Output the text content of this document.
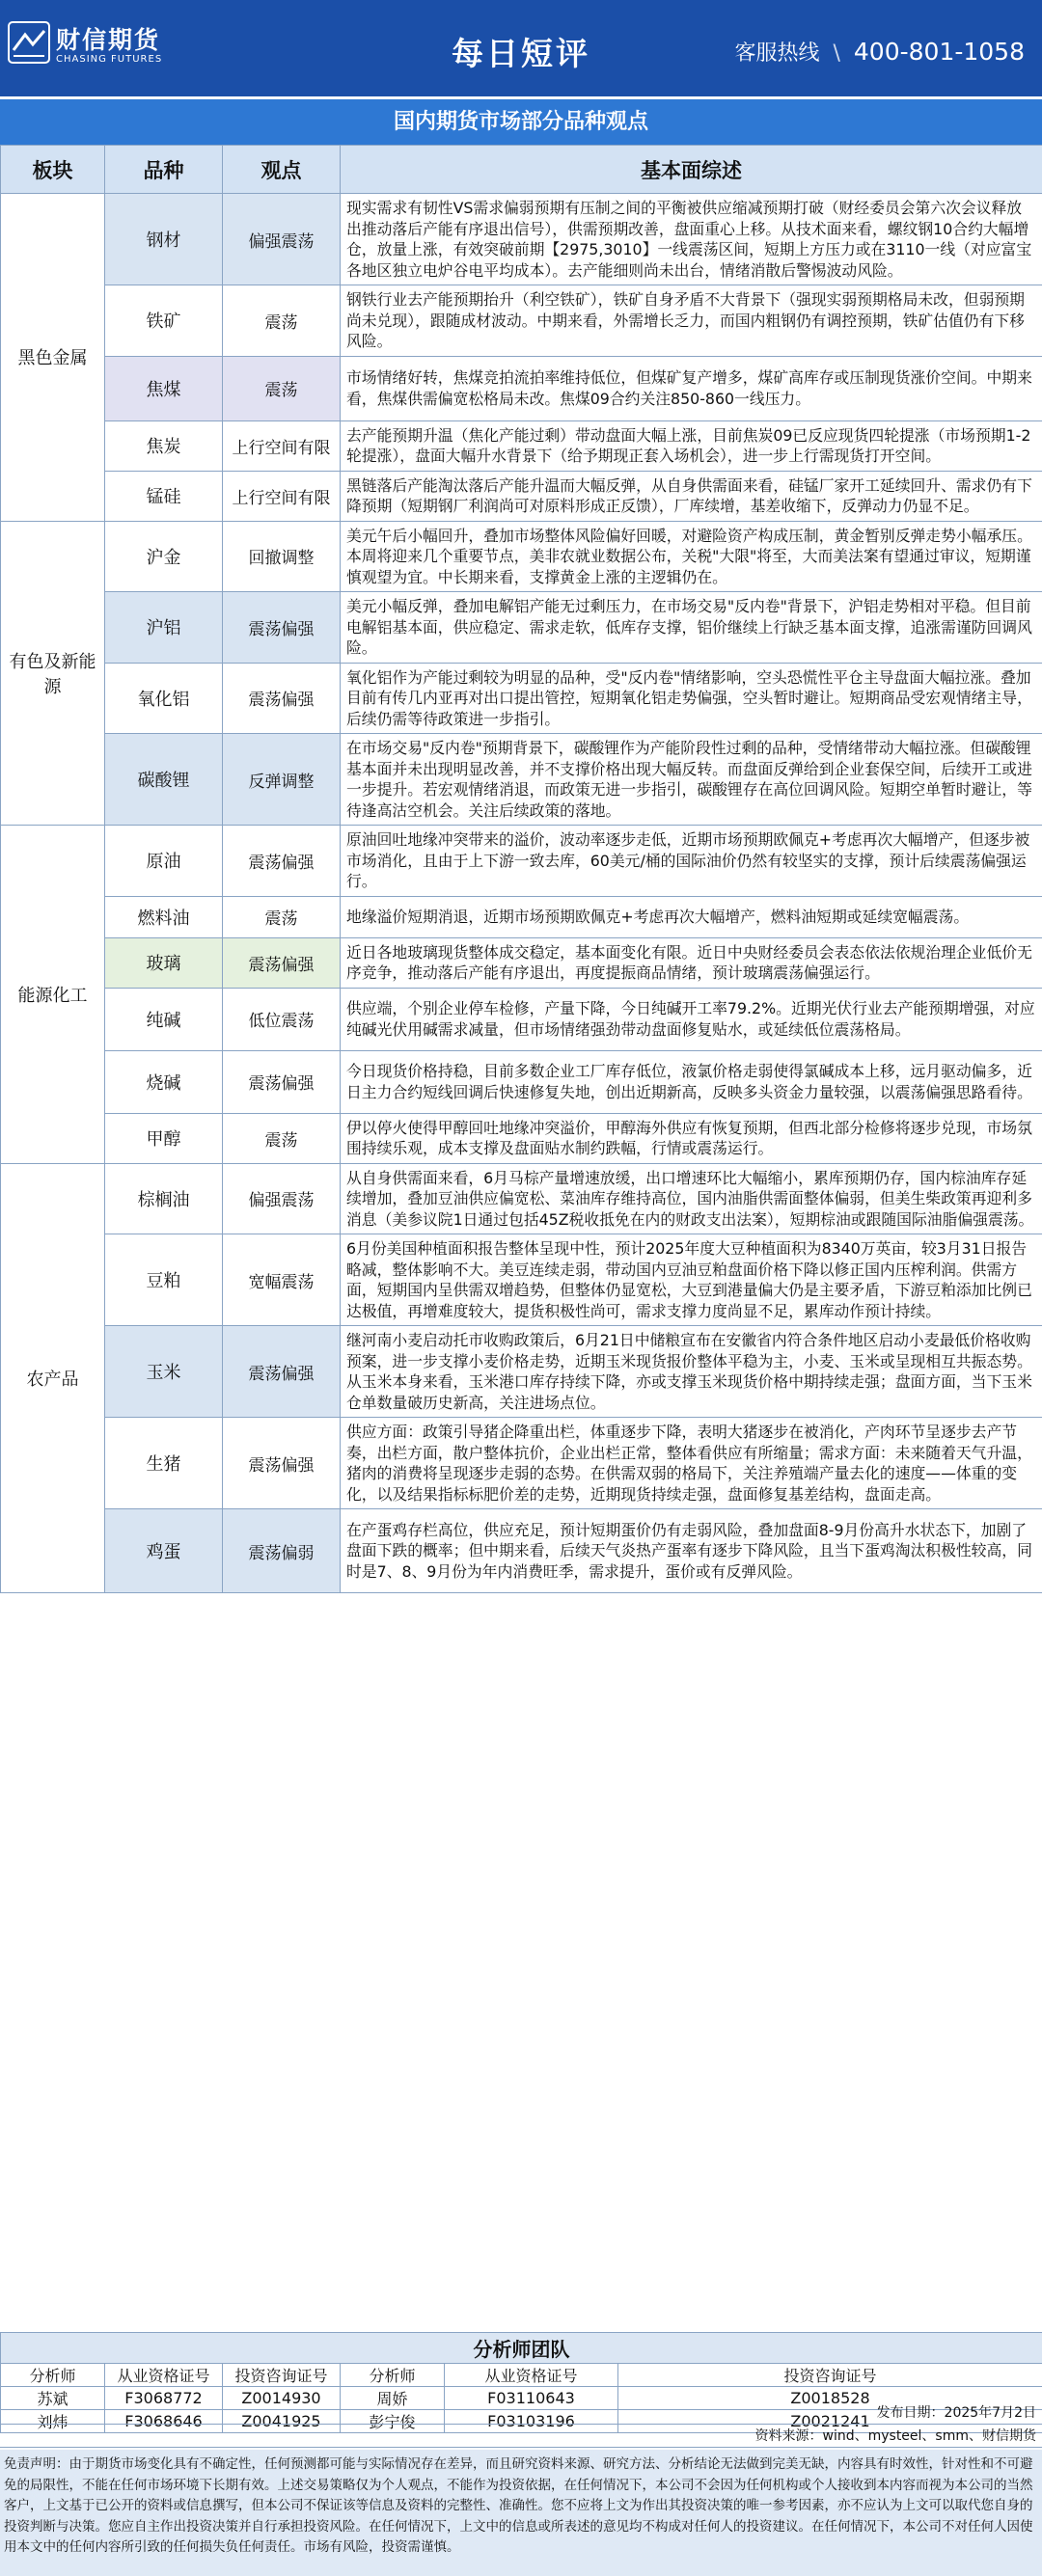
财信期货
CHASING FUTURES	每日短评	客服热线 \ 400-801-1058
国内期货市场部分品种观点
板块	品种	观点	基本面综述
黑色金属	钢材	偏强震荡	现实需求有韧性VS需求偏弱预期有压制之间的平衡被供应缩减预期打破（财经委员会第六次会议释放出推动落后产能有序退出信号），供需预期改善，盘面重心上移。从技术面来看，螺纹钢10合约大幅增仓，放量上涨，有效突破前期【2975,3010】一线震荡区间，短期上方压力或在3110一线（对应富宝各地区独立电炉谷电平均成本）。去产能细则尚未出台，情绪消散后警惕波动风险。
	铁矿	震荡	钢铁行业去产能预期抬升（利空铁矿），铁矿自身矛盾不大背景下（强现实弱预期格局未改，但弱预期尚未兑现），跟随成材波动。中期来看，外需增长乏力，而国内粗钢仍有调控预期，铁矿估值仍有下移风险。
	焦煤	震荡	市场情绪好转，焦煤竞拍流拍率维持低位，但煤矿复产增多，煤矿高库存或压制现货涨价空间。中期来看，焦煤供需偏宽松格局未改。焦煤09合约关注850-860一线压力。
	焦炭	上行空间有限	去产能预期升温（焦化产能过剩）带动盘面大幅上涨，目前焦炭09已反应现货四轮提涨（市场预期1-2轮提涨），盘面大幅升水背景下（给予期现正套入场机会），进一步上行需现货打开空间。
	锰硅	上行空间有限	黑链落后产能淘汰落后产能升温而大幅反弹，从自身供需面来看，硅锰厂家开工延续回升、需求仍有下降预期（短期钢厂利润尚可对原料形成正反馈），厂库续增，基差收缩下，反弹动力仍显不足。
有色及新能源	沪金	回撤调整	美元午后小幅回升，叠加市场整体风险偏好回暖，对避险资产构成压制，黄金暂别反弹走势小幅承压。本周将迎来几个重要节点，美非农就业数据公布，关税"大限"将至，大而美法案有望通过审议，短期谨慎观望为宜。中长期来看，支撑黄金上涨的主逻辑仍在。
	沪铝	震荡偏强	美元小幅反弹，叠加电解铝产能无过剩压力，在市场交易"反内卷"背景下，沪铝走势相对平稳。但目前电解铝基本面，供应稳定、需求走软，低库存支撑，铝价继续上行缺乏基本面支撑，追涨需谨防回调风险。
	氧化铝	震荡偏强	氧化铝作为产能过剩较为明显的品种，受"反内卷"情绪影响，空头恐慌性平仓主导盘面大幅拉涨。叠加目前有传几内亚再对出口提出管控，短期氧化铝走势偏强，空头暂时避让。短期商品受宏观情绪主导，后续仍需等待政策进一步指引。
	碳酸锂	反弹调整	在市场交易"反内卷"预期背景下，碳酸锂作为产能阶段性过剩的品种，受情绪带动大幅拉涨。但碳酸锂基本面并未出现明显改善，并不支撑价格出现大幅反转。而盘面反弹给到企业套保空间，后续开工或进一步提升。若宏观情绪消退，而政策无进一步指引，碳酸锂存在高位回调风险。短期空单暂时避让，等待逢高沽空机会。关注后续政策的落地。
能源化工	原油	震荡偏强	原油回吐地缘冲突带来的溢价，波动率逐步走低，近期市场预期欧佩克+考虑再次大幅增产，但逐步被市场消化，且由于上下游一致去库，60美元/桶的国际油价仍然有较坚实的支撑，预计后续震荡偏强运行。
	燃料油	震荡	地缘溢价短期消退，近期市场预期欧佩克+考虑再次大幅增产，燃料油短期或延续宽幅震荡。
	玻璃	震荡偏强	近日各地玻璃现货整体成交稳定，基本面变化有限。近日中央财经委员会表态依法依规治理企业低价无序竞争，推动落后产能有序退出，再度提振商品情绪，预计玻璃震荡偏强运行。
	纯碱	低位震荡	供应端，个别企业停车检修，产量下降，今日纯碱开工率79.2%。近期光伏行业去产能预期增强，对应纯碱光伏用碱需求减量，但市场情绪强劲带动盘面修复贴水，或延续低位震荡格局。
	烧碱	震荡偏强	今日现货价格持稳，目前多数企业工厂库存低位，液氯价格走弱使得氯碱成本上移，远月驱动偏多，近日主力合约短线回调后快速修复失地，创出近期新高，反映多头资金力量较强，以震荡偏强思路看待。
	甲醇	震荡	伊以停火使得甲醇回吐地缘冲突溢价，甲醇海外供应有恢复预期，但西北部分检修将逐步兑现，市场氛围持续乐观，成本支撑及盘面贴水制约跌幅，行情或震荡运行。
农产品	棕榈油	偏强震荡	从自身供需面来看，6月马棕产量增速放缓，出口增速环比大幅缩小，累库预期仍存，国内棕油库存延续增加，叠加豆油供应偏宽松、菜油库存维持高位，国内油脂供需面整体偏弱，但美生柴政策再迎利多消息（美参议院1日通过包括45Z税收抵免在内的财政支出法案），短期棕油或跟随国际油脂偏强震荡。
	豆粕	宽幅震荡	6月份美国种植面积报告整体呈现中性，预计2025年度大豆种植面积为8340万英亩，较3月31日报告略减，整体影响不大。美豆连续走弱，带动国内豆油豆粕盘面价格下降以修正国内压榨利润。供需方面，短期国内呈供需双增趋势，但整体仍显宽松，大豆到港量偏大仍是主要矛盾，下游豆粕添加比例已达极值，再增难度较大，提货积极性尚可，需求支撑力度尚显不足，累库动作预计持续。
	玉米	震荡偏强	继河南小麦启动托市收购政策后，6月21日中储粮宣布在安徽省内符合条件地区启动小麦最低价格收购预案，进一步支撑小麦价格走势，近期玉米现货报价整体平稳为主，小麦、玉米或呈现相互共振态势。从玉米本身来看，玉米港口库存持续下降，亦或支撑玉米现货价格中期持续走强；盘面方面，当下玉米仓单数量破历史新高，关注进场点位。
	生猪	震荡偏强	供应方面：政策引导猪企降重出栏，体重逐步下降，表明大猪逐步在被消化，产肉环节呈逐步去产节奏，出栏方面，散户整体抗价，企业出栏正常，整体看供应有所缩量；需求方面：未来随着天气升温，猪肉的消费将呈现逐步走弱的态势。在供需双弱的格局下，关注养殖端产量去化的速度——体重的变化，以及结果指标标肥价差的走势，近期现货持续走强，盘面修复基差结构，盘面走高。
	鸡蛋	震荡偏弱	在产蛋鸡存栏高位，供应充足，预计短期蛋价仍有走弱风险，叠加盘面8-9月份高升水状态下，加剧了盘面下跌的概率；但中期来看，后续天气炎热产蛋率有逐步下降风险，且当下蛋鸡淘汰积极性较高，同时是7、8、9月份为年内消费旺季，需求提升，蛋价或有反弹风险。
分析师团队					
分析师	从业资格证号	投资咨询证号	分析师	从业资格证号	投资咨询证号
苏斌	F3068772	Z0014930	周娇	F03110643	Z0018528
刘炜	F3068646	Z0041925	彭宁俊	F03103196	Z0021241 发布日期：2025年7月2日
资料来源：wind、mysteel、smm、财信期货
免责声明：由于期货市场变化具有不确定性，任何预测都可能与实际情况存在差异，而且研究资料来源、研究方法、分析结论无法做到完美无缺，内容具有时效性，针对性和不可避免的局限性，不能在任何市场环境下长期有效。上述交易策略仅为个人观点，不能作为投资依据，在任何情况下，本公司不会因为任何机构或个人接收到本内容而视为本公司的当然客户，上文基于已公开的资料或信息撰写，但本公司不保证该等信息及资料的完整性、准确性。您不应将上文为作出其投资决策的唯一参考因素，亦不应认为上文可以取代您自身的投资判断与决策。您应自主作出投资决策并自行承担投资风险。在任何情况下，上文中的信息或所表述的意见均不构成对任何人的投资建议。在任何情况下，本公司不对任何人因使用本文中的任何内容所引致的任何损失负任何责任。市场有风险，投资需谨慎。
